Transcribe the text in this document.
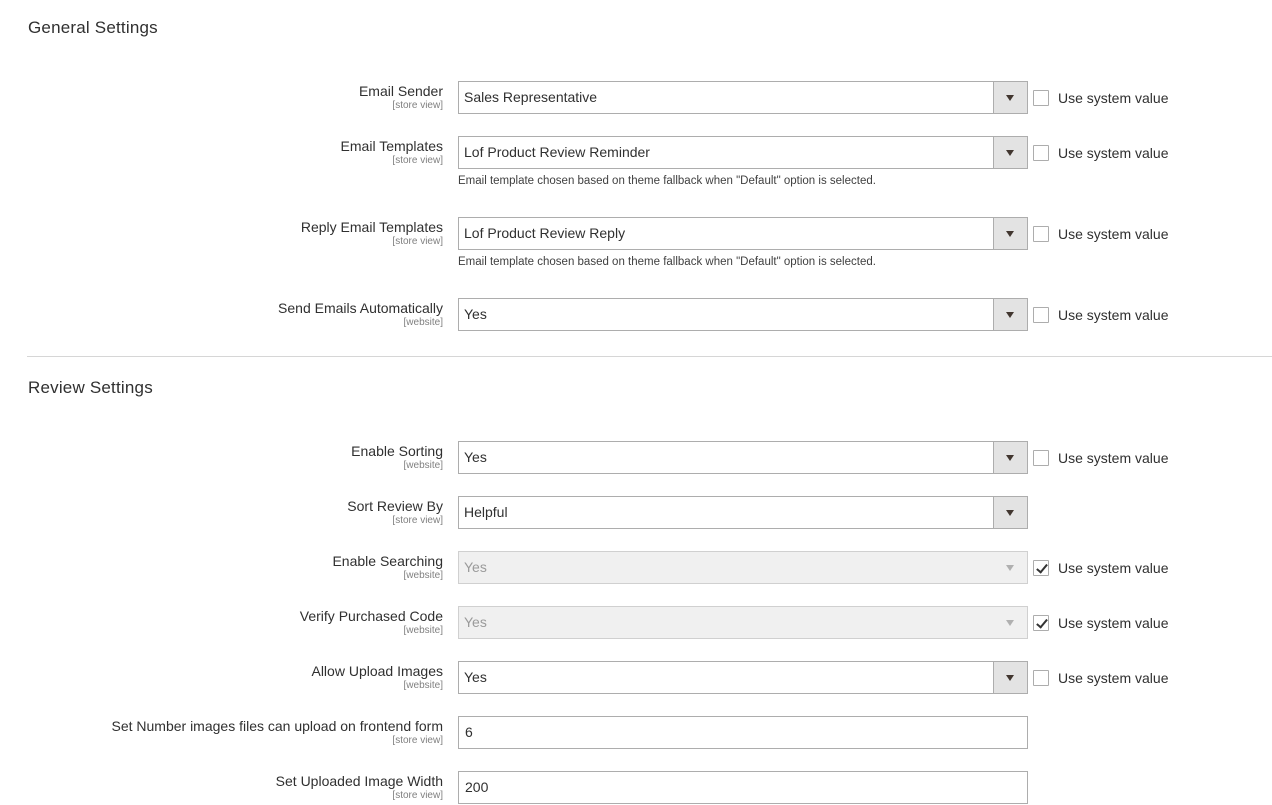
General Settings
Email Sender
[store view]
Sales Representative	Use system value
Email Templates
[store view]
Lof Product Review Reminder	Use system value
Email template chosen based on theme fallback when "Default" option is selected.
Reply Email Templates
[store view]
Lof Product Review Reply	Use system value
Email template chosen based on theme fallback when "Default" option is selected.
Send Emails Automatically
[website]
Yes	Use system value
Review Settings
Enable Sorting
[website]
Yes	Use system value
Sort Review By
[store view]
Helpful
Enable Searching
[website]
Yes	Use system value
Verify Purchased Code
[website]
Yes	Use system value
Allow Upload Images
[website]
Yes	Use system value
Set Number images files can upload on frontend form
[store view]
6
Set Uploaded Image Width
[store view]
200
